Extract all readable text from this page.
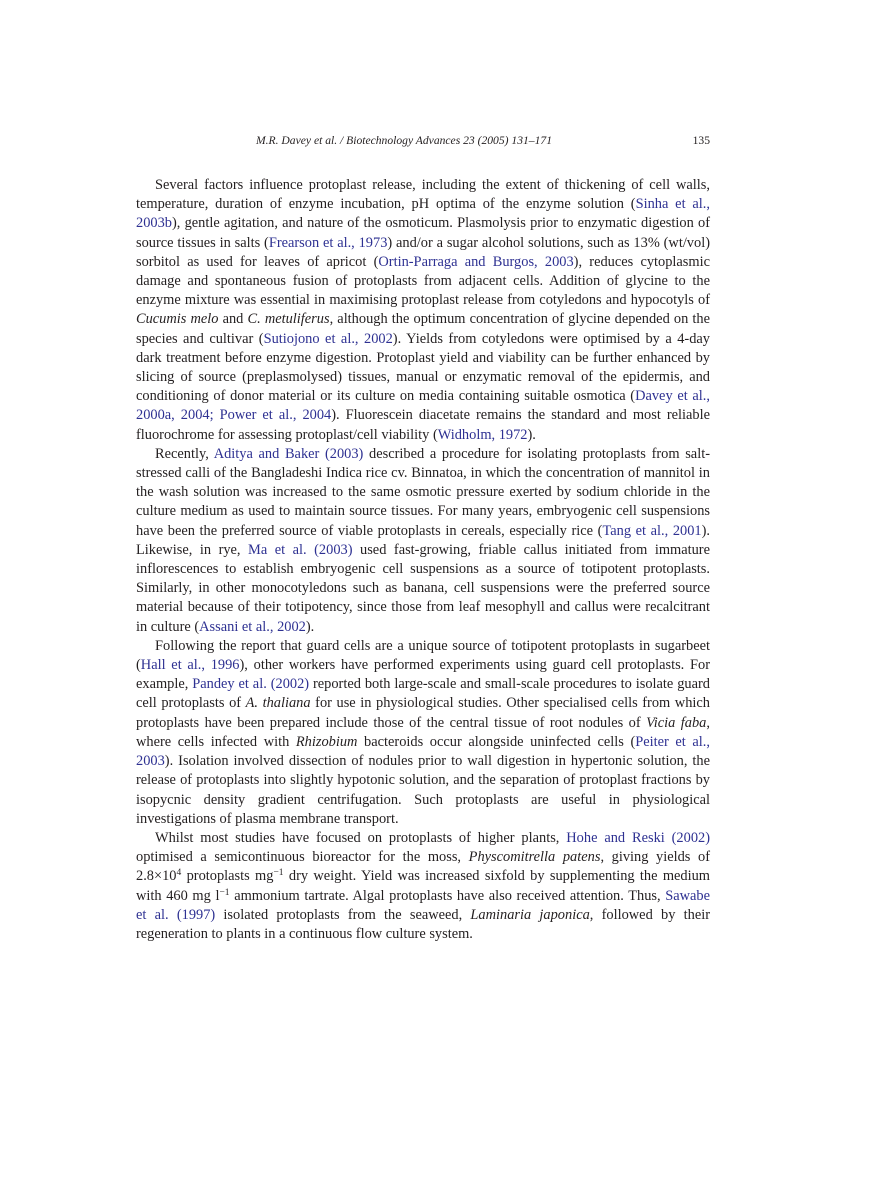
M.R. Davey et al. / Biotechnology Advances 23 (2005) 131–171	135

Several factors influence protoplast release, including the extent of thickening of cell walls, temperature, duration of enzyme incubation, pH optima of the enzyme solution (Sinha et al., 2003b), gentle agitation, and nature of the osmoticum. Plasmolysis prior to enzymatic digestion of source tissues in salts (Frearson et al., 1973) and/or a sugar alcohol solutions, such as 13% (wt/vol) sorbitol as used for leaves of apricot (Ortin-Parraga and Burgos, 2003), reduces cytoplasmic damage and spontaneous fusion of protoplasts from adjacent cells. Addition of glycine to the enzyme mixture was essential in maximising protoplast release from cotyledons and hypocotyls of Cucumis melo and C. metuliferus, although the optimum concentration of glycine depended on the species and cultivar (Sutiojono et al., 2002). Yields from cotyledons were optimised by a 4-day dark treatment before enzyme digestion. Protoplast yield and viability can be further enhanced by slicing of source (preplasmolysed) tissues, manual or enzymatic removal of the epidermis, and conditioning of donor material or its culture on media containing suitable osmotica (Davey et al., 2000a, 2004; Power et al., 2004). Fluorescein diacetate remains the standard and most reliable fluorochrome for assessing protoplast/cell viability (Widholm, 1972).

Recently, Aditya and Baker (2003) described a procedure for isolating protoplasts from salt-stressed calli of the Bangladeshi Indica rice cv. Binnatoa, in which the concentration of mannitol in the wash solution was increased to the same osmotic pressure exerted by sodium chloride in the culture medium as used to maintain source tissues. For many years, embryogenic cell suspensions have been the preferred source of viable protoplasts in cereals, especially rice (Tang et al., 2001). Likewise, in rye, Ma et al. (2003) used fast-growing, friable callus initiated from immature inflorescences to establish embryogenic cell suspensions as a source of totipotent protoplasts. Similarly, in other monocotyledons such as banana, cell suspensions were the preferred source material because of their totipotency, since those from leaf mesophyll and callus were recalcitrant in culture (Assani et al., 2002).

Following the report that guard cells are a unique source of totipotent protoplasts in sugarbeet (Hall et al., 1996), other workers have performed experiments using guard cell protoplasts. For example, Pandey et al. (2002) reported both large-scale and small-scale procedures to isolate guard cell protoplasts of A. thaliana for use in physiological studies. Other specialised cells from which protoplasts have been prepared include those of the central tissue of root nodules of Vicia faba, where cells infected with Rhizobium bacteroids occur alongside uninfected cells (Peiter et al., 2003). Isolation involved dissection of nodules prior to wall digestion in hypertonic solution, the release of protoplasts into slightly hypotonic solution, and the separation of protoplast fractions by isopycnic density gradient centrifugation. Such protoplasts are useful in physiological investigations of plasma membrane transport.

Whilst most studies have focused on protoplasts of higher plants, Hohe and Reski (2002) optimised a semicontinuous bioreactor for the moss, Physcomitrella patens, giving yields of $2.8\times 10^4$ protoplasts $mg^{-1}$ dry weight. Yield was increased sixfold by supplementing the medium with 460 mg $l^{-1}$ ammonium tartrate. Algal protoplasts have also received attention. Thus, Sawabe et al. (1997) isolated protoplasts from the seaweed, Laminaria japonica, followed by their regeneration to plants in a continuous flow culture system.
